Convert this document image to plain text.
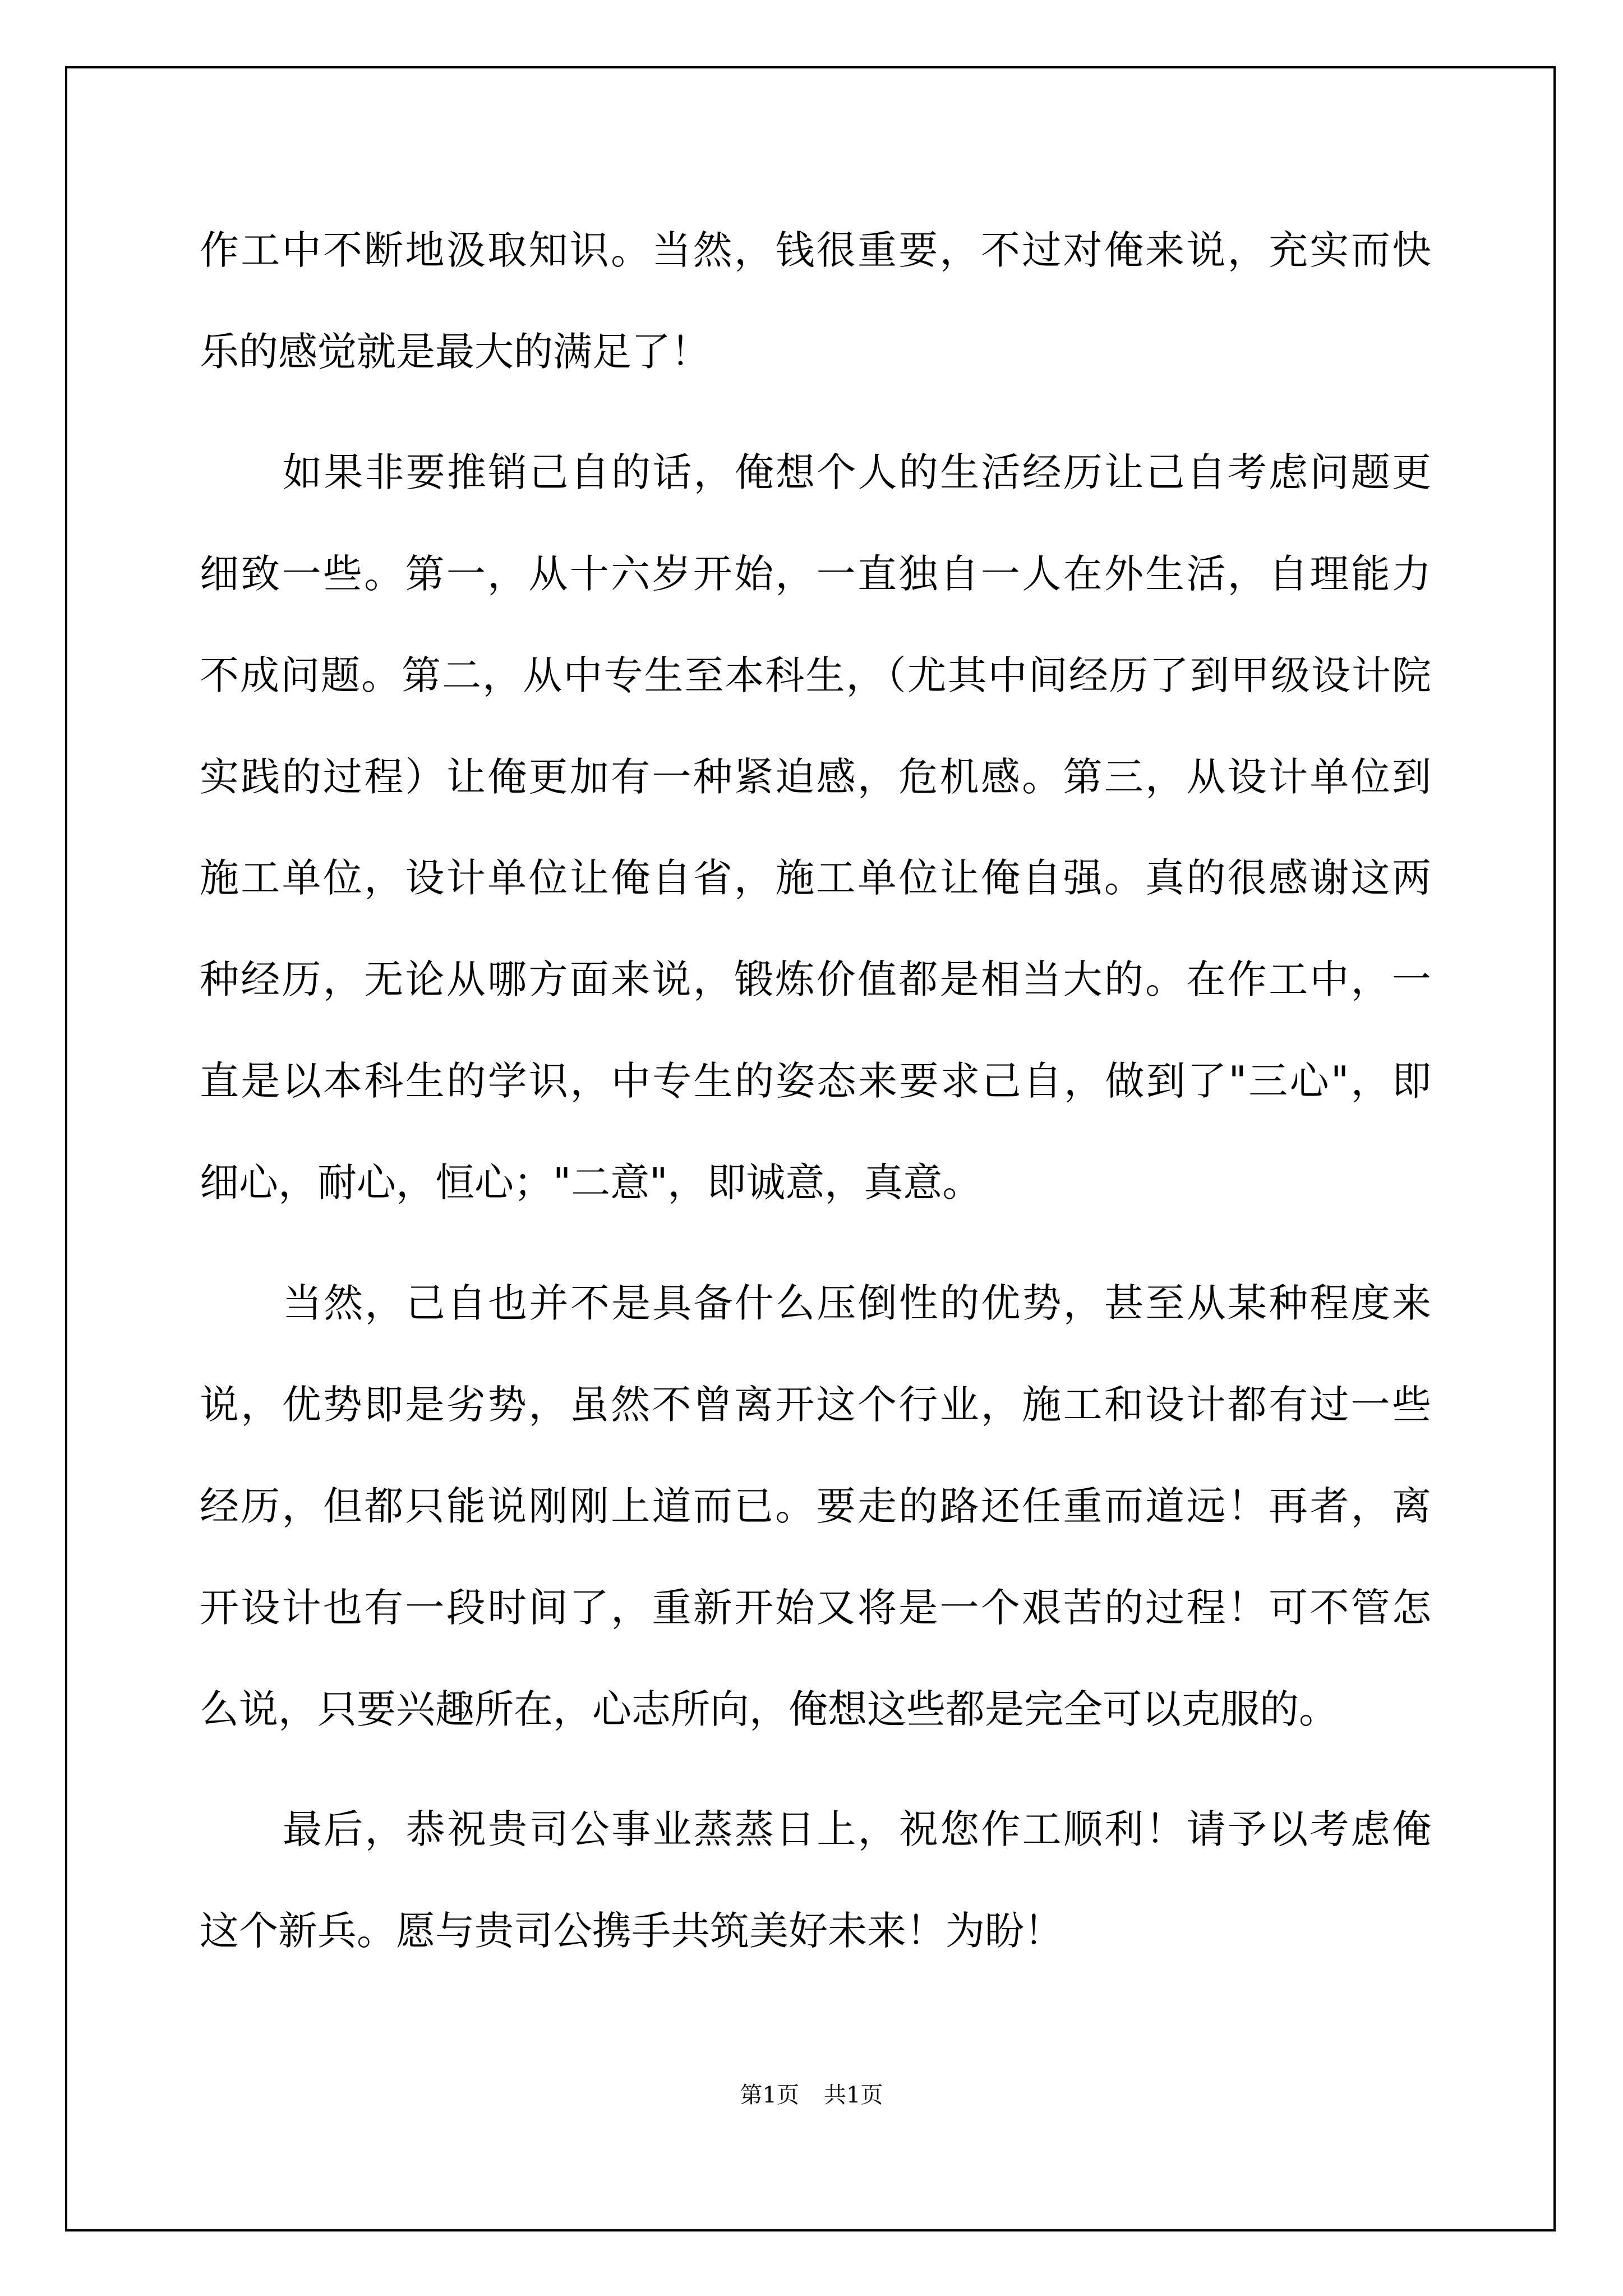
作工中不断地汲取知识。当然，钱很重要，不过对俺来说，充实而快
乐的感觉就是最大的满足了！
如果非要推销己自的话，俺想个人的生活经历让己自考虑问题更
细致一些。第一，从十六岁开始，一直独自一人在外生活，自理能力
不成问题。第二，从中专生至本科生，（尤其中间经历了到甲级设计院
实践的过程）让俺更加有一种紧迫感，危机感。第三，从设计单位到
施工单位，设计单位让俺自省，施工单位让俺自强。真的很感谢这两
种经历，无论从哪方面来说，锻炼价值都是相当大的。在作工中，一
直是以本科生的学识，中专生的姿态来要求己自，做到了"三心"，即
细心，耐心，恒心；"二意"，即诚意，真意。
当然，己自也并不是具备什么压倒性的优势，甚至从某种程度来
说，优势即是劣势，虽然不曾离开这个行业，施工和设计都有过一些
经历，但都只能说刚刚上道而已。要走的路还任重而道远！再者，离
开设计也有一段时间了，重新开始又将是一个艰苦的过程！可不管怎
么说，只要兴趣所在，心志所向，俺想这些都是完全可以克服的。
最后，恭祝贵司公事业蒸蒸日上，祝您作工顺利！请予以考虑俺
这个新兵。愿与贵司公携手共筑美好未来！为盼！
第1页 共1页
